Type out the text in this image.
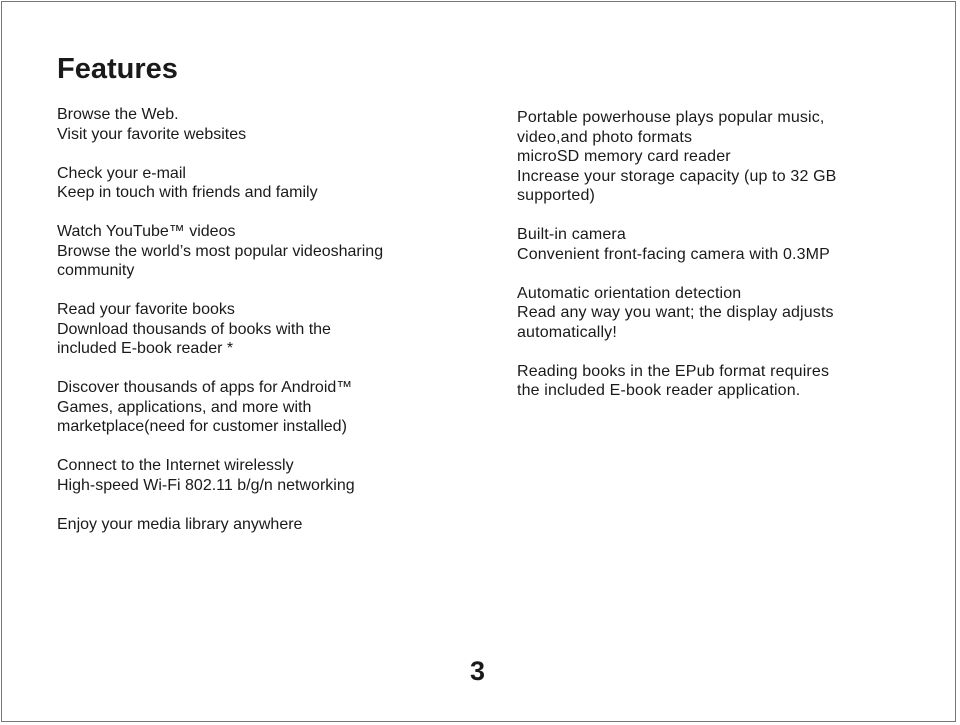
Features
Browse the Web.
Visit your favorite websites
Check your e-mail
Keep in touch with friends and family
Watch YouTube™ videos
Browse the world’s most popular videosharing
community
Read your favorite books
Download thousands of books with the
included E-book reader *
Discover thousands of apps for Android™
Games, applications, and more with
marketplace(need for customer installed)
Connect to the Internet wirelessly
High-speed Wi-Fi 802.11 b/g/n networking
Enjoy your media library anywhere
Portable powerhouse plays popular music,
video,and photo formats
microSD memory card reader
Increase your storage capacity (up to 32 GB
supported)
Built-in camera
Convenient front-facing camera with 0.3MP
Automatic orientation detection
Read any way you want; the display adjusts
automatically!
Reading books in the EPub format requires
the included E-book reader application.
3
